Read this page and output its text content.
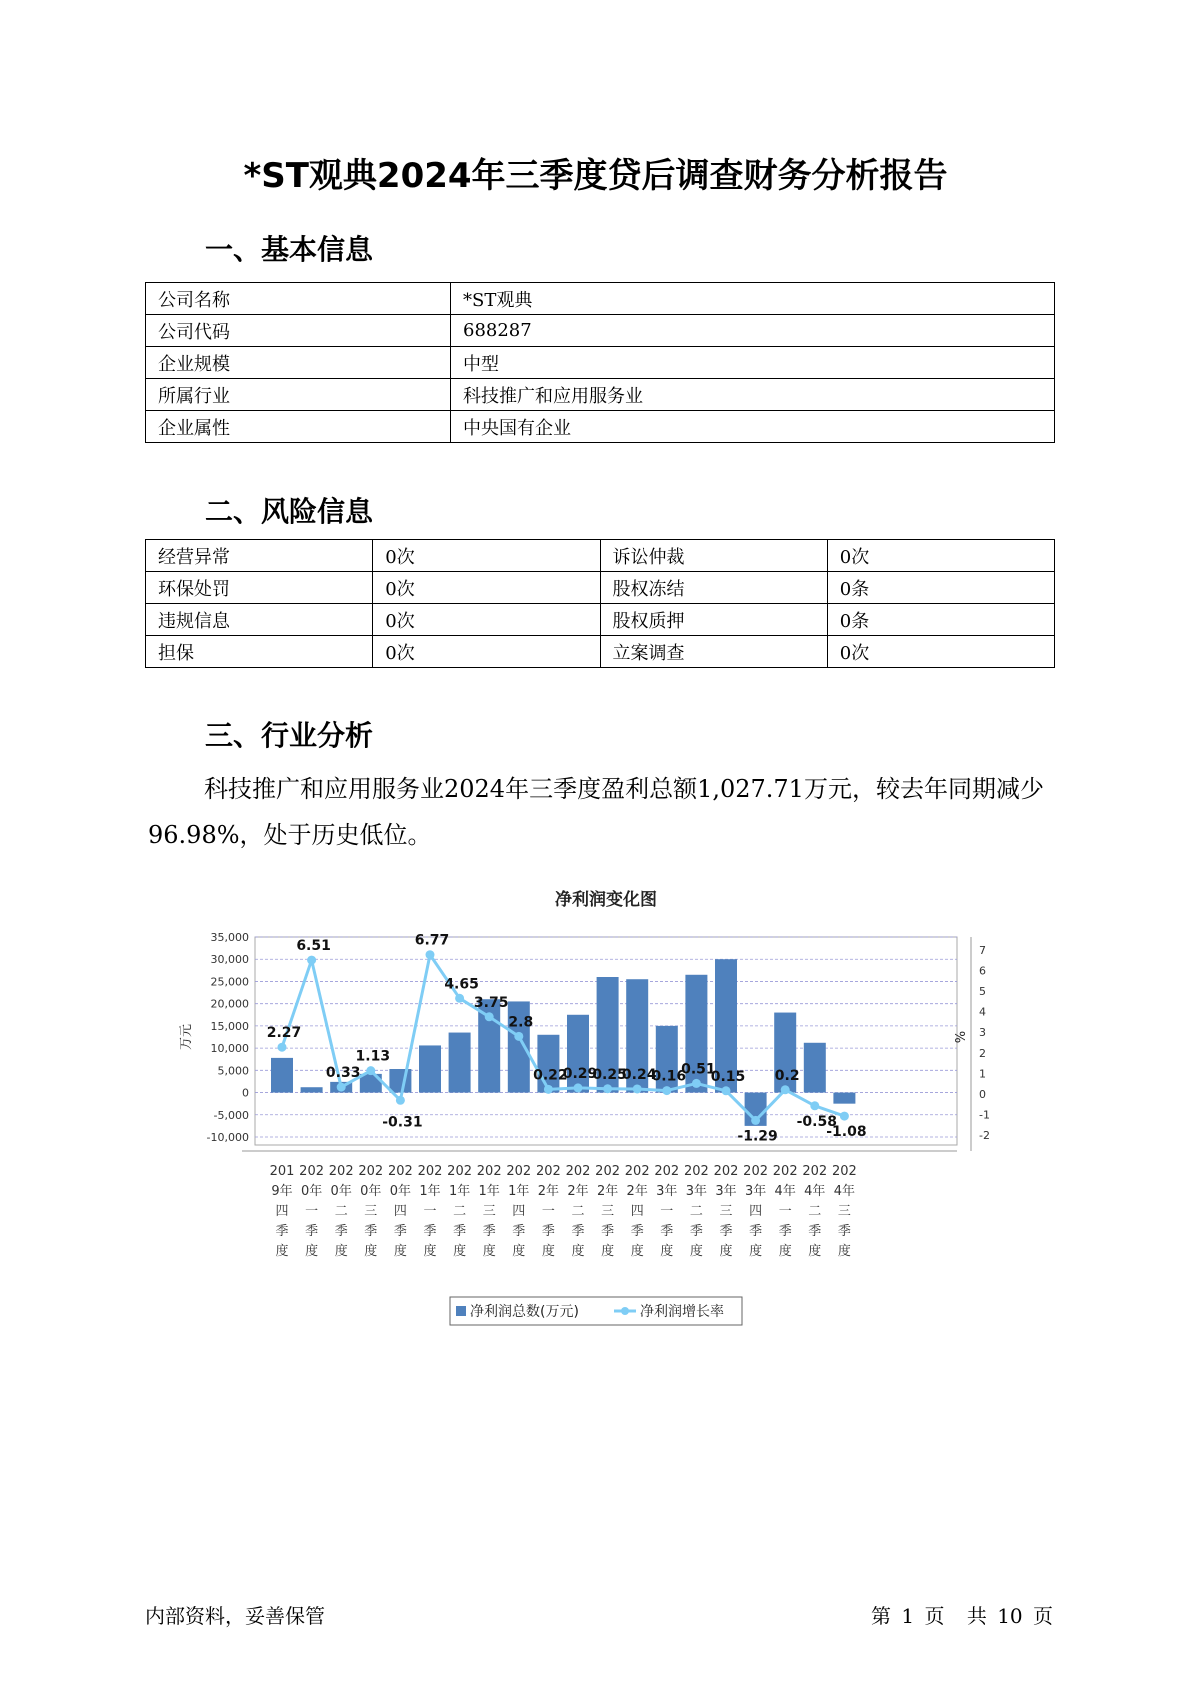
*ST观典2024年三季度贷后调查财务分析报告
一、基本信息
公司名称	*ST观典
公司代码	688287
企业规模	中型
所属行业	科技推广和应用服务业
企业属性	中央国有企业
二、风险信息
经营异常	0次	诉讼仲裁	0次
环保处罚	0次	股权冻结	0条
违规信息	0次	股权质押	0条
担保	0次	立案调查	0次
三、行业分析
科技推广和应用服务业2024年三季度盈利总额1,027.71万元，较去年同期减少96.98%，处于历史低位。
净利润变化图
35,000
30,000
25,000
20,000
15,000
10,000
5,000
0
-5,000
-10,000
7
6
5
4
3
2
1
0
-1
-2
万元	%
2.27
6.51
0.33
1.13
-0.31
6.77
4.65
3.75
2.8
0.22
0.29
0.25
0.24
0.16
0.51
0.15
-1.29
0.2
-0.58
-1.08
201
9年
四
季
度
202
0年
一
季
度
202
0年
二
季
度
202
0年
三
季
度
202
0年
四
季
度
202
1年
一
季
度
202
1年
二
季
度
202
1年
三
季
度
202
1年
四
季
度
202
2年
一
季
度
202
2年
二
季
度
202
2年
三
季
度
202
2年
四
季
度
202
3年
一
季
度
202
3年
二
季
度
202
3年
三
季
度
202
3年
四
季
度
202
4年
一
季
度
202
4年
二
季
度
202
4年
三
季
度
净利润总数(万元)	净利润增长率
内部资料，妥善保管	第 1 页 共 10 页
